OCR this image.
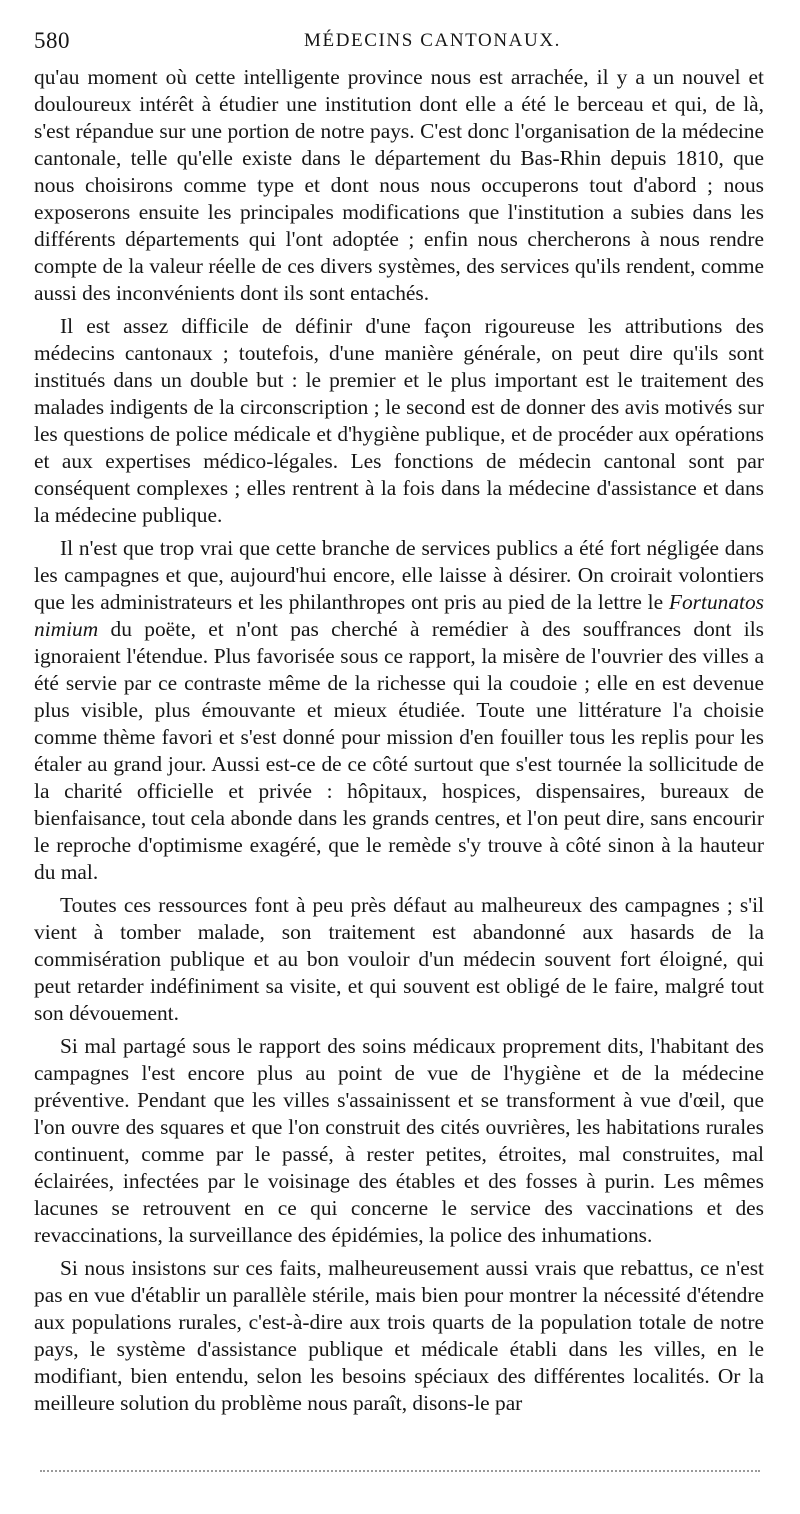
580	MÉDECINS CANTONAUX.

qu'au moment où cette intelligente province nous est arrachée, il y a un nouvel et douloureux intérêt à étudier une institution dont elle a été le berceau et qui, de là, s'est répandue sur une portion de notre pays. C'est donc l'organisation de la médecine cantonale, telle qu'elle existe dans le département du Bas-Rhin depuis 1810, que nous choisirons comme type et dont nous nous occuperons tout d'abord ; nous exposerons ensuite les principales modifications que l'institution a subies dans les différents départements qui l'ont adoptée ; enfin nous chercherons à nous rendre compte de la valeur réelle de ces divers systèmes, des services qu'ils rendent, comme aussi des inconvénients dont ils sont entachés.

Il est assez difficile de définir d'une façon rigoureuse les attributions des médecins cantonaux ; toutefois, d'une manière générale, on peut dire qu'ils sont institués dans un double but : le premier et le plus important est le traitement des malades indigents de la circonscription ; le second est de donner des avis motivés sur les questions de police médicale et d'hygiène publique, et de procéder aux opérations et aux expertises médico-légales. Les fonctions de médecin cantonal sont par conséquent complexes ; elles rentrent à la fois dans la médecine d'assistance et dans la médecine publique.

Il n'est que trop vrai que cette branche de services publics a été fort négligée dans les campagnes et que, aujourd'hui encore, elle laisse à désirer. On croirait volontiers que les administrateurs et les philanthropes ont pris au pied de la lettre le Fortunatos nimium du poëte, et n'ont pas cherché à remédier à des souffrances dont ils ignoraient l'étendue. Plus favorisée sous ce rapport, la misère de l'ouvrier des villes a été servie par ce contraste même de la richesse qui la coudoie ; elle en est devenue plus visible, plus émouvante et mieux étudiée. Toute une littérature l'a choisie comme thème favori et s'est donné pour mission d'en fouiller tous les replis pour les étaler au grand jour. Aussi est-ce de ce côté surtout que s'est tournée la sollicitude de la charité officielle et privée : hôpitaux, hospices, dispensaires, bureaux de bienfaisance, tout cela abonde dans les grands centres, et l'on peut dire, sans encourir le reproche d'optimisme exagéré, que le remède s'y trouve à côté sinon à la hauteur du mal.

Toutes ces ressources font à peu près défaut au malheureux des campagnes ; s'il vient à tomber malade, son traitement est abandonné aux hasards de la commisération publique et au bon vouloir d'un médecin souvent fort éloigné, qui peut retarder indéfiniment sa visite, et qui souvent est obligé de le faire, malgré tout son dévouement.

Si mal partagé sous le rapport des soins médicaux proprement dits, l'habitant des campagnes l'est encore plus au point de vue de l'hygiène et de la médecine préventive. Pendant que les villes s'assainissent et se transforment à vue d'œil, que l'on ouvre des squares et que l'on construit des cités ouvrières, les habitations rurales continuent, comme par le passé, à rester petites, étroites, mal construites, mal éclairées, infectées par le voisinage des étables et des fosses à purin. Les mêmes lacunes se retrouvent en ce qui concerne le service des vaccinations et des revaccinations, la surveillance des épidémies, la police des inhumations.

Si nous insistons sur ces faits, malheureusement aussi vrais que rebattus, ce n'est pas en vue d'établir un parallèle stérile, mais bien pour montrer la nécessité d'étendre aux populations rurales, c'est-à-dire aux trois quarts de la population totale de notre pays, le système d'assistance publique et médicale établi dans les villes, en le modifiant, bien entendu, selon les besoins spéciaux des différentes localités. Or la meilleure solution du problème nous paraît, disons-le par
